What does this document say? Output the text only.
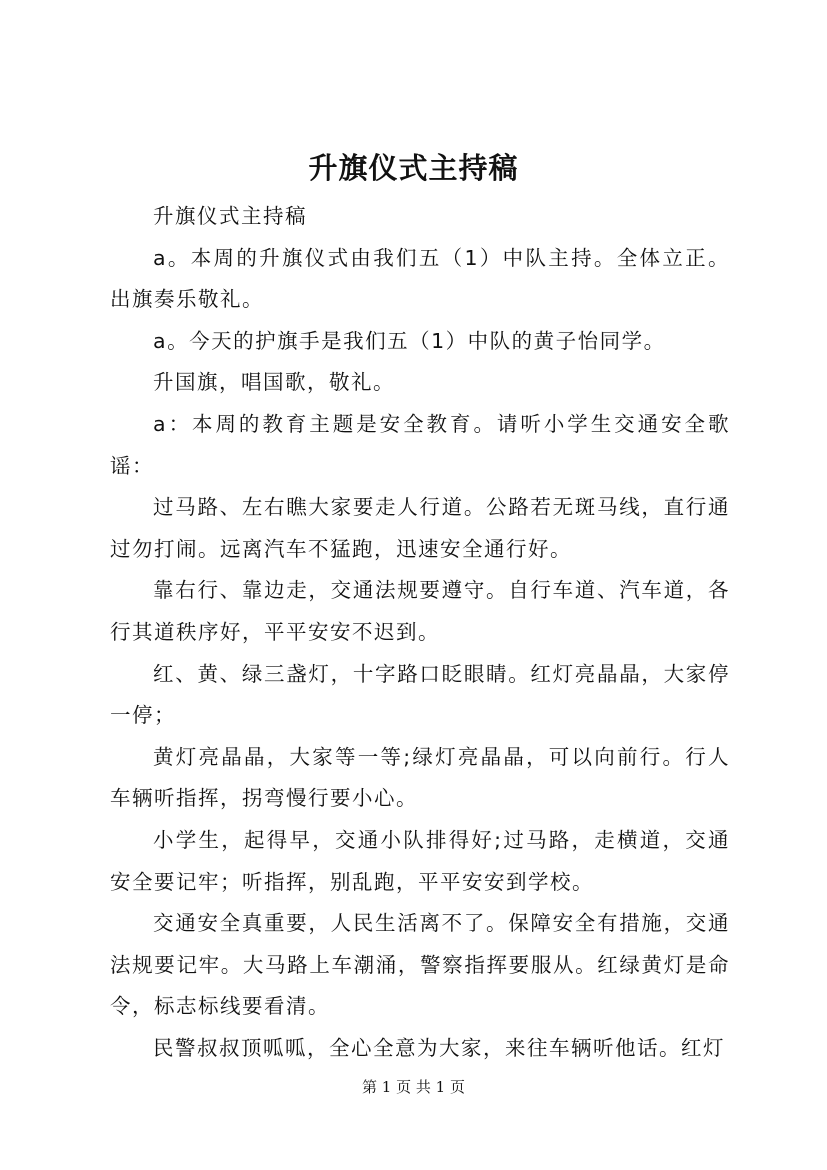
升旗仪式主持稿

升旗仪式主持稿

a。本周的升旗仪式由我们五（1）中队主持。全体立正。出旗奏乐敬礼。

a。今天的护旗手是我们五（1）中队的黄子怡同学。

升国旗，唱国歌，敬礼。

a：本周的教育主题是安全教育。请听小学生交通安全歌谣：

过马路、左右瞧大家要走人行道。公路若无斑马线，直行通过勿打闹。远离汽车不猛跑，迅速安全通行好。

靠右行、靠边走，交通法规要遵守。自行车道、汽车道，各行其道秩序好，平平安安不迟到。

红、黄、绿三盏灯，十字路口眨眼睛。红灯亮晶晶，大家停一停；

黄灯亮晶晶，大家等一等;绿灯亮晶晶，可以向前行。行人车辆听指挥，拐弯慢行要小心。

小学生，起得早，交通小队排得好;过马路，走横道，交通安全要记牢；听指挥，别乱跑，平平安安到学校。

交通安全真重要，人民生活离不了。保障安全有措施，交通法规要记牢。大马路上车潮涌，警察指挥要服从。红绿黄灯是命令，标志标线要看清。

民警叔叔顶呱呱，全心全意为大家，来往车辆听他话。红灯

第 1 页 共 1 页
